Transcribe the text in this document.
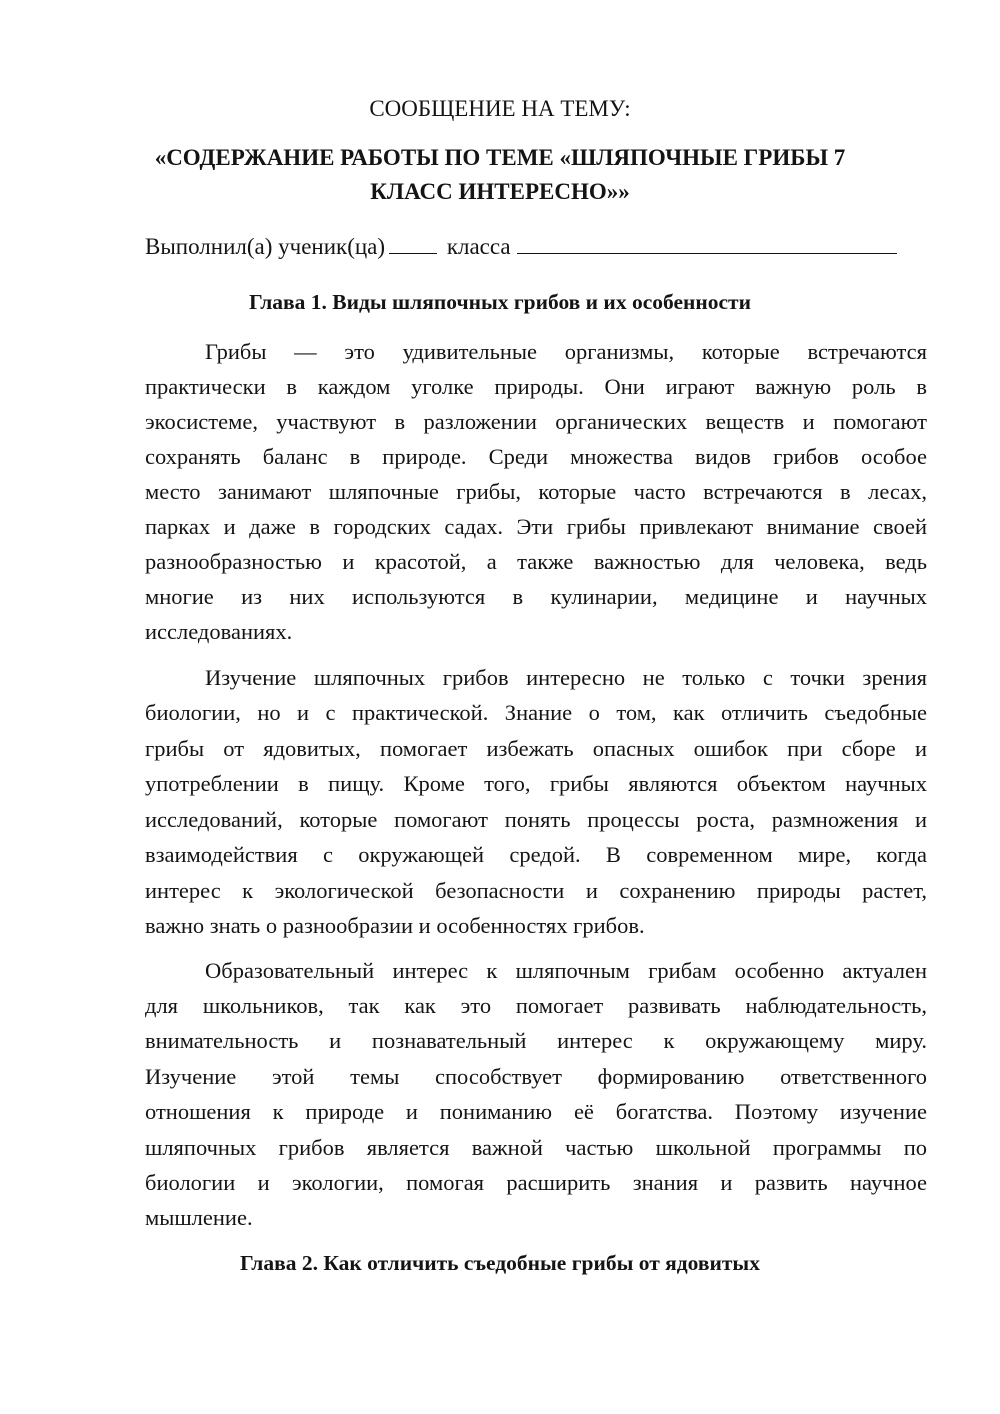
СООБЩЕНИЕ НА ТЕМУ:
«СОДЕРЖАНИЕ РАБОТЫ ПО ТЕМЕ «ШЛЯПОЧНЫЕ ГРИБЫ 7
КЛАСС ИНТЕРЕСНО»»
Выполнил(а) ученик(ца)	класса
Глава 1. Виды шляпочных грибов и их особенности
Грибы — это удивительные организмы, которые встречаются
практически в каждом уголке природы. Они играют важную роль в
экосистеме, участвуют в разложении органических веществ и помогают
сохранять баланс в природе. Среди множества видов грибов особое
место занимают шляпочные грибы, которые часто встречаются в лесах,
парках и даже в городских садах. Эти грибы привлекают внимание своей
разнообразностью и красотой, а также важностью для человека, ведь
многие из них используются в кулинарии, медицине и научных
исследованиях.
Изучение шляпочных грибов интересно не только с точки зрения
биологии, но и с практической. Знание о том, как отличить съедобные
грибы от ядовитых, помогает избежать опасных ошибок при сборе и
употреблении в пищу. Кроме того, грибы являются объектом научных
исследований, которые помогают понять процессы роста, размножения и
взаимодействия с окружающей средой. В современном мире, когда
интерес к экологической безопасности и сохранению природы растет,
важно знать о разнообразии и особенностях грибов.
Образовательный интерес к шляпочным грибам особенно актуален
для школьников, так как это помогает развивать наблюдательность,
внимательность и познавательный интерес к окружающему миру.
Изучение этой темы способствует формированию ответственного
отношения к природе и пониманию её богатства. Поэтому изучение
шляпочных грибов является важной частью школьной программы по
биологии и экологии, помогая расширить знания и развить научное
мышление.
Глава 2. Как отличить съедобные грибы от ядовитых
